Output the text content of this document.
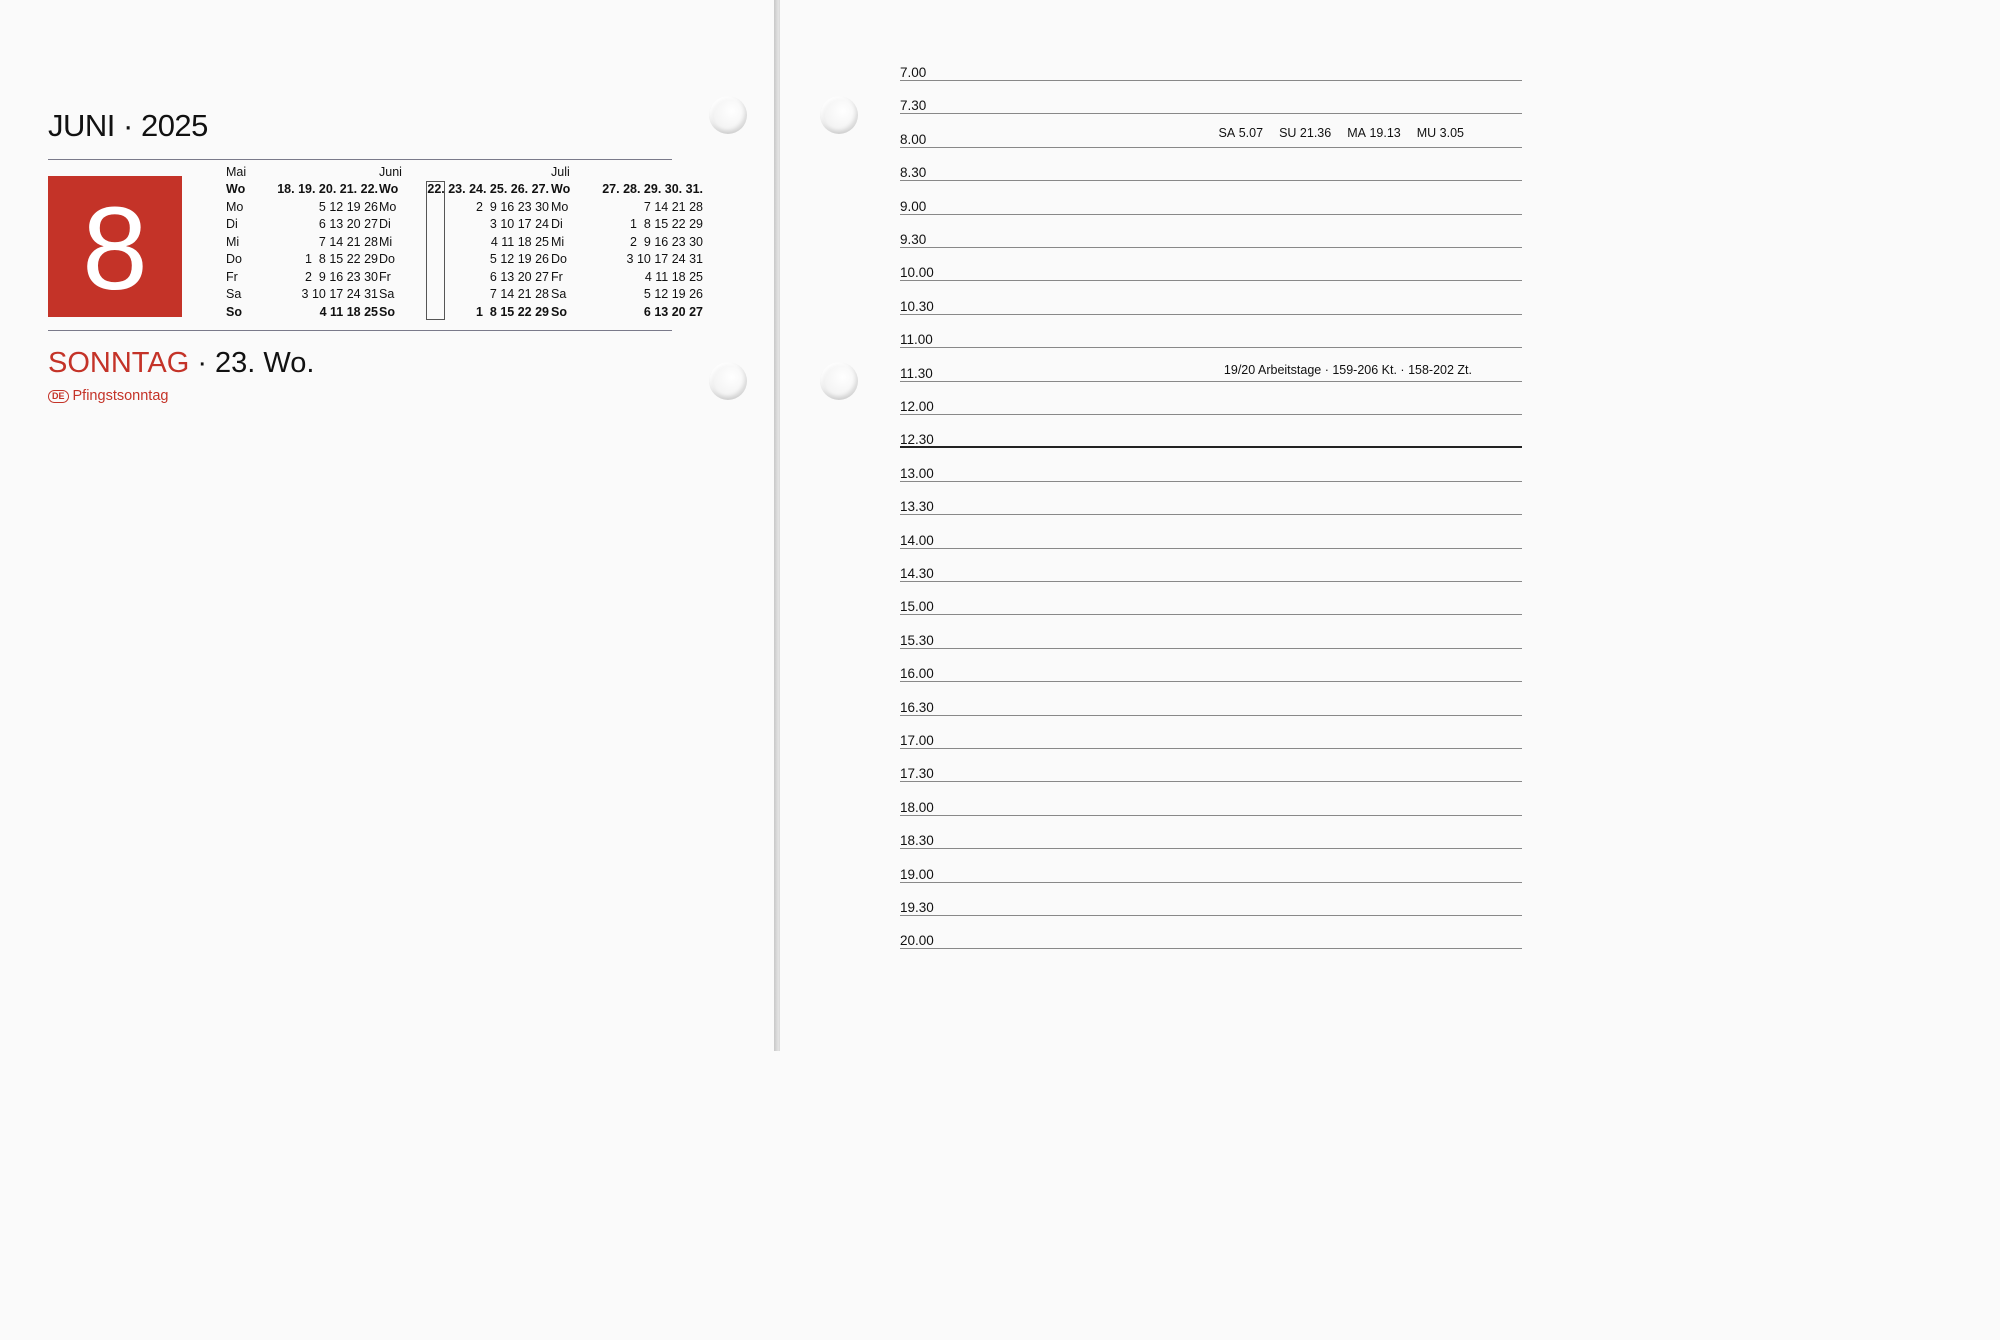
JUNI · 2025	SA 5.07 SU 21.36 MA 19.13 MU 3.05
8
Mai
Wo	18. 19. 20. 21. 22.
Mo	5 12 19 26
Di	6 13 20 27
Mi	7 14 21 28
Do	1  8 15 22 29
Fr	2  9 16 23 30
Sa	3 10 17 24 31
So	4 11 18 25
Juni
Wo	22. 23. 24. 25. 26. 27.
Mo	2  9 16 23 30
Di	3 10 17 24
Mi	4 11 18 25
Do	5 12 19 26
Fr	6 13 20 27
Sa	7 14 21 28
So	1  8 15 22 29
Juli
Wo	27. 28. 29. 30. 31.
Mo	7 14 21 28
Di	1  8 15 22 29
Mi	2  9 16 23 30
Do	3 10 17 24 31
Fr	4 11 18 25
Sa	5 12 19 26
So	6 13 20 27
SONNTAG · 23. Wo.	19/20 Arbeitstage · 159-206 Kt. · 158-202 Zt.
DE Pfingstsonntag
7.00
7.30
8.00
8.30
9.00
9.30
10.00
10.30
11.00
11.30
12.00
12.30
13.00
13.30
14.00
14.30
15.00
15.30
16.00
16.30
17.00
17.30
18.00
18.30
19.00
19.30
20.00
